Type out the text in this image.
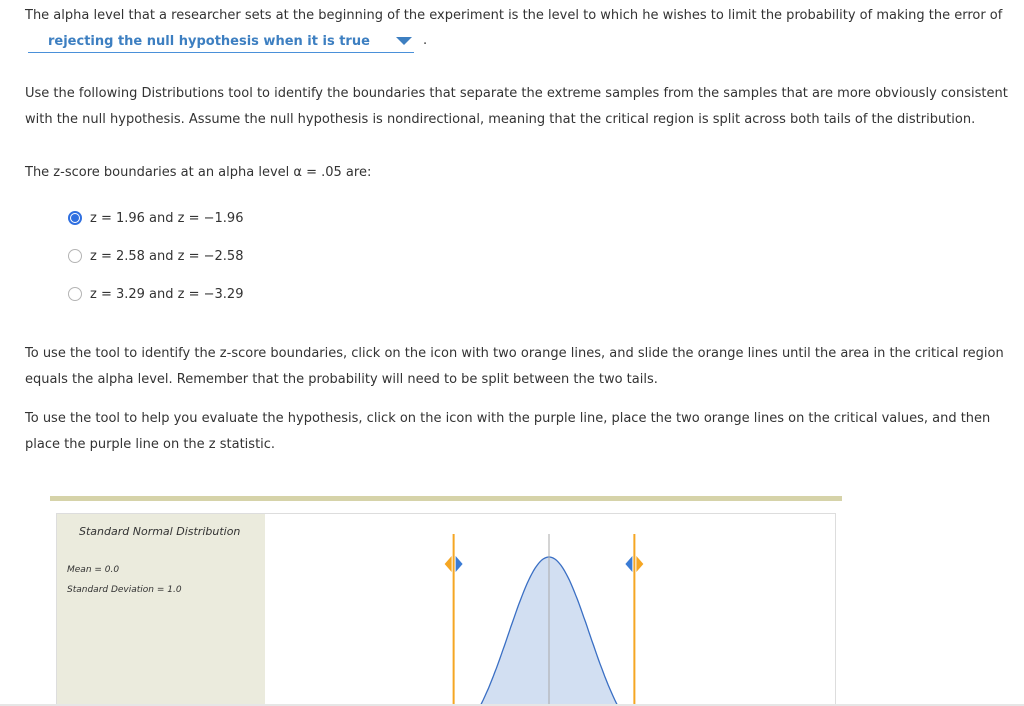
The alpha level that a researcher sets at the beginning of the experiment is the level to which he wishes to limit the probability of making the error of

rejecting the null hypothesis when it is true	.

Use the following Distributions tool to identify the boundaries that separate the extreme samples from the samples that are more obviously consistent with the null hypothesis. Assume the null hypothesis is nondirectional, meaning that the critical region is split across both tails of the distribution.

The z-score boundaries at an alpha level α = .05 are:

z = 1.96 and z = −1.96
z = 2.58 and z = −2.58
z = 3.29 and z = −3.29

To use the tool to identify the z-score boundaries, click on the icon with two orange lines, and slide the orange lines until the area in the critical region equals the alpha level. Remember that the probability will need to be split between the two tails.

To use the tool to help you evaluate the hypothesis, click on the icon with the purple line, place the two orange lines on the critical values, and then place the purple line on the z statistic.

Standard Normal Distribution
Mean = 0.0
Standard Deviation = 1.0
